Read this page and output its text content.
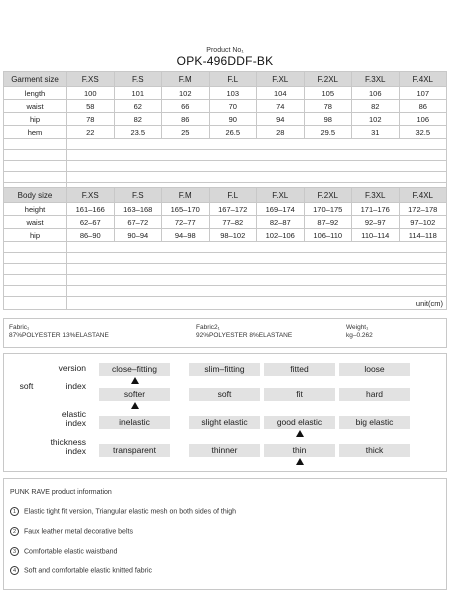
Product No₁
OPK-496DDF-BK
Garment size	F.XS	F.S	F.M	F.L	F.XL	F.2XL	F.3XL	F.4XL
length	100	101	102	103	104	105	106	107
waist	58	62	66	70	74	78	82	86
hip	78	82	86	90	94	98	102	106
hem	22	23.5	25	26.5	28	29.5	31	32.5

Body size	F.XS	F.S	F.M	F.L	F.XL	F.2XL	F.3XL	F.4XL
height	161–166	163–168	165–170	167–172	169–174	170–175	171–176	172–178
waist	62–67	67–72	72–77	77–82	82–87	87–92	92–97	97–102
hip	86–90	90–94	94–98	98–102	102–106	106–110	110–114	114–118

	unit(cm)							
Fabric₁
87%POLYESTER 13%ELASTANE
Fabric2₁
92%POLYESTER 8%ELASTANE
Weight₁
kg–0.262
version	close–fitting	slim–fitting	fitted	loose
soft index
softer	soft	fit	hard
elastic index	inelastic	slight elastic	good elastic	big elastic
thickness index	transparent	thinner	thin	thick
PUNK RAVE product information
1 Elastic tight fit version, Triangular elastic mesh on both sides of thigh
2 Faux leather metal decorative belts
3 Comfortable elastic waistband
4 Soft and comfortable elastic knitted fabric
